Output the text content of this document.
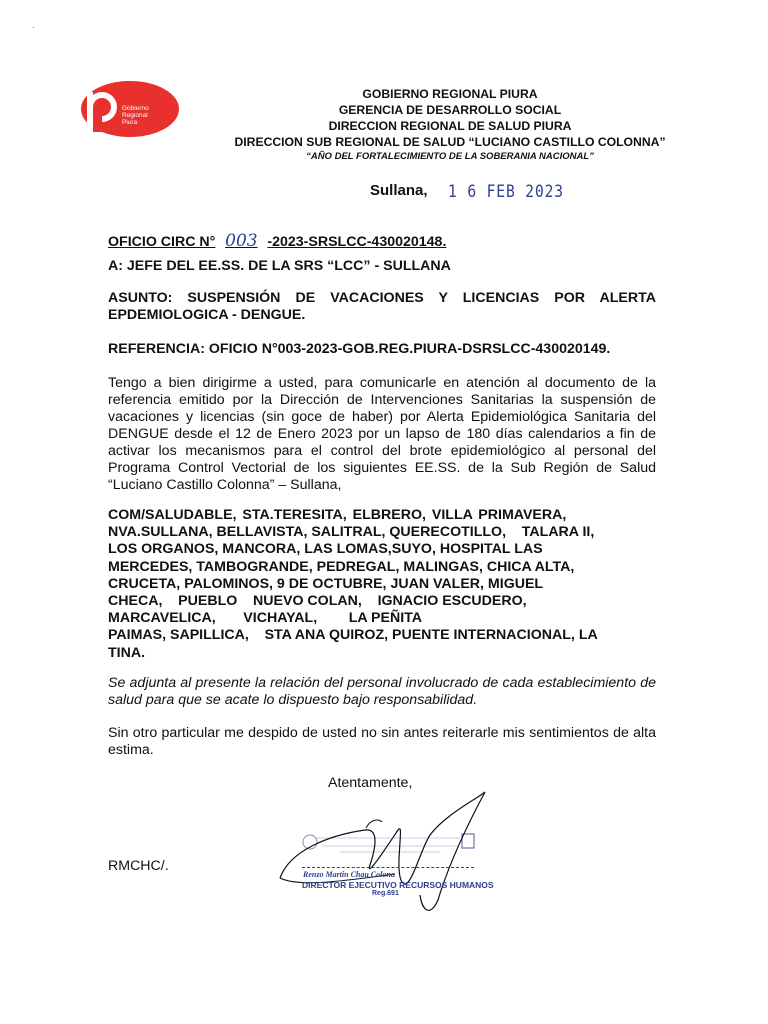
·
Gobierno
Regional
Piura
GOBIERNO REGIONAL PIURA
GERENCIA DE DESARROLLO SOCIAL
DIRECCION REGIONAL DE SALUD PIURA
DIRECCION SUB REGIONAL DE SALUD “LUCIANO CASTILLO COLONNA”
“AÑO DEL FORTALECIMIENTO DE LA SOBERANIA NACIONAL”
Sullana, 1 6 FEB 2023
OFICIO CIRC N° 003 -2023-SRSLCC-430020148.
A: JEFE DEL EE.SS. DE LA SRS “LCC” - SULLANA
ASUNTO: SUSPENSIÓN DE VACACIONES Y LICENCIAS POR ALERTA EPDEMIOLOGICA - DENGUE.
REFERENCIA: OFICIO N°003-2023-GOB.REG.PIURA-DSRSLCC-430020149.
Tengo a bien dirigirme a usted, para comunicarle en atención al documento de la referencia emitido por la Dirección de Intervenciones Sanitarias la suspensión de vacaciones y licencias (sin goce de haber) por Alerta Epidemiológica Sanitaria del DENGUE desde el 12 de Enero 2023 por un lapso de 180 días calendarios a fin de activar los mecanismos para el control del brote epidemiológico al personal del Programa Control Vectorial de los siguientes EE.SS. de la Sub Región de Salud “Luciano Castillo Colonna” – Sullana,
COM/SALUDABLE, STA.TERESITA, ELBRERO, VILLA PRIMAVERA,
NVA.SULLANA, BELLAVISTA, SALITRAL, QUERECOTILLO,    TALARA II,
LOS ORGANOS, MANCORA, LAS LOMAS,SUYO, HOSPITAL LAS
MERCEDES, TAMBOGRANDE, PEDREGAL, MALINGAS, CHICA ALTA,
CRUCETA, PALOMINOS, 9 DE OCTUBRE, JUAN VALER, MIGUEL
CHECA,    PUEBLO    NUEVO COLAN,    IGNACIO ESCUDERO,
MARCAVELICA,       VICHAYAL,        LA PEÑITA
PAIMAS, SAPILLICA,    STA ANA QUIROZ, PUENTE INTERNACIONAL, LA
TINA.
Se adjunta al presente la relación del personal involucrado de cada establecimiento de salud para que se acate lo dispuesto bajo responsabilidad.
Sin otro particular me despido de usted no sin antes reiterarle mis sentimientos de alta estima.
Atentamente,
RMCHC/.
Renzo Martin Chau Colona
DIRECTOR EJECUTIVO RECURSOS HUMANOS
Reg.691
